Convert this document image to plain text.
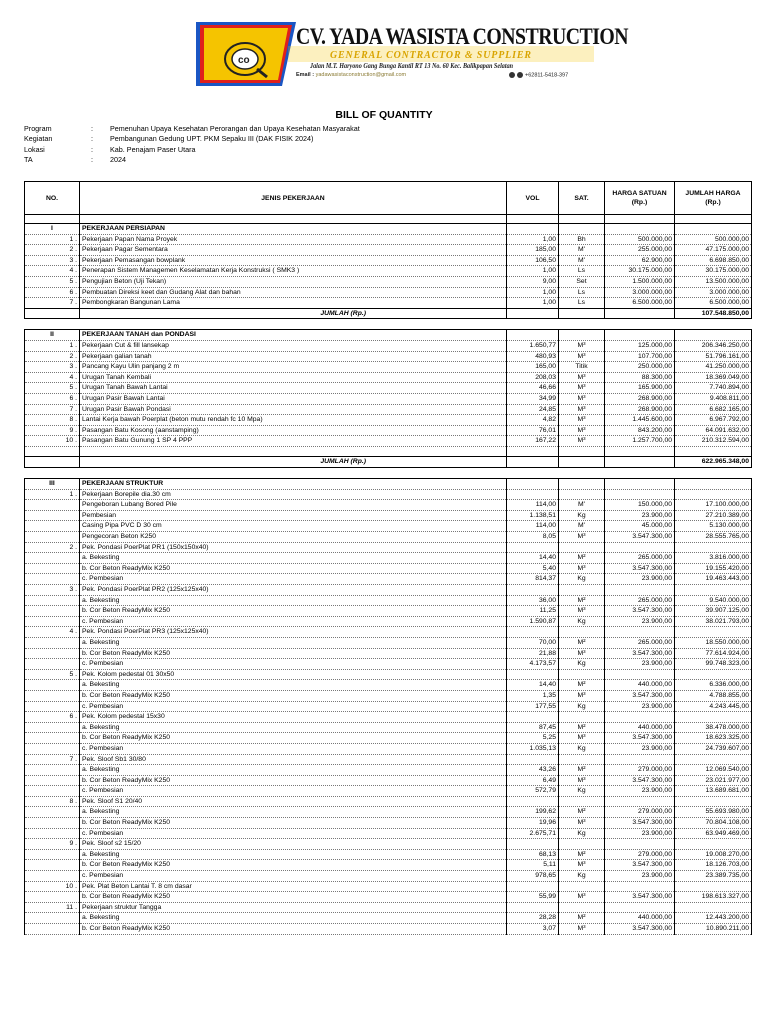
co
CV. YADA WASISTA CONSTRUCTION
GENERAL CONTRACTOR & SUPPLIER
Jalan M.T. Haryono Gang Bunga Kantil RT 13 No. 60 Kec. Balikpapan Selatan
Email : yadawasistaconstruction@gmail.com	+62811-5418-397
BILL OF QUANTITY
Program	: Pemenuhan Upaya Kesehatan Perorangan dan Upaya Kesehatan Masyarakat
Kegiatan	: Pembangunan Gedung UPT. PKM Sepaku III (DAK FISIK 2024)
Lokasi	: Kab. Penajam Paser Utara
TA	: 2024
NO.	JENIS PEKERJAAN	VOL	SAT.	HARGA SATUAN (Rp.)	JUMLAH HARGA (Rp.)

I	PEKERJAAN PERSIAPAN				
1 .	Pekerjaan Papan Nama Proyek	1,00	Bh	500.000,00	500.000,00
2 .	Pekerjaan Pagar Sementara	185,00	M'	255.000,00	47.175.000,00
3 .	Pekerjaan Pemasangan bowplank	106,50	M'	62.900,00	6.698.850,00
4 .	Penerapan Sistem Managemen Keselamatan Kerja Konstruksi ( SMK3 )	1,00	Ls	30.175.000,00	30.175.000,00
5 .	Pengujian Beton (Uji Tekan)	9,00	Set	1.500.000,00	13.500.000,00
6 .	Pembuatan Direksi keet dan Gudang Alat dan bahan	1,00	Ls	3.000.000,00	3.000.000,00
7 .	Pembongkaran Bangunan Lama	1,00	Ls	6.500.000,00	6.500.000,00
	JUMLAH (Rp.)				107.548.850,00

II	PEKERJAAN TANAH dan PONDASI				
1 .	Pekerjaan Cut & fill lansekap	1.650,77	M³	125.000,00	206.346.250,00
2 .	Pekerjaan galian tanah	480,93	M³	107.700,00	51.796.161,00
3 .	Pancang Kayu Ulin panjang 2 m	165,00	Titik	250.000,00	41.250.000,00
4 .	Urugan Tanah Kembali	208,03	M³	88.300,00	18.369.049,00
5 .	Urugan Tanah Bawah Lantai	46,66	M³	165.900,00	7.740.894,00
6 .	Urugan Pasir Bawah Lantai	34,99	M³	268.900,00	9.408.811,00
7 .	Urugan Pasir Bawah Pondasi	24,85	M³	268.900,00	6.682.165,00
8 .	Lantai Kerja bawah Poerplat (beton mutu rendah fc 10 Mpa)	4,82	M³	1.445.600,00	6.967.792,00
9 .	Pasangan Batu Kosong (aanstamping)	76,01	M³	843.200,00	64.091.632,00
10 .	Pasangan Batu Gunung 1 SP 4 PPP	167,22	M³	1.257.700,00	210.312.594,00

	JUMLAH (Rp.)				622.965.348,00

III	PEKERJAAN STRUKTUR				
1 .	Pekerjaan Borepile dia.30 cm				
	Pengeboran Lubang Bored Pile	114,00	M'	150.000,00	17.100.000,00
	Pembesian	1.138,51	Kg	23.900,00	27.210.389,00
	Casing Pipa PVC D 30 cm	114,00	M'	45.000,00	5.130.000,00
	Pengecoran Beton K250	8,05	M³	3.547.300,00	28.555.765,00
2 .	Pek. Pondasi PoerPlat PR1 (150x150x40)				
	a. Bekesting	14,40	M²	265.000,00	3.816.000,00
	b. Cor Beton ReadyMix K250	5,40	M³	3.547.300,00	19.155.420,00
	c. Pembesian	814,37	Kg	23.900,00	19.463.443,00
3 .	Pek. Pondasi PoerPlat PR2 (125x125x40)				
	a. Bekesting	36,00	M²	265.000,00	9.540.000,00
	b. Cor Beton ReadyMix K250	11,25	M³	3.547.300,00	39.907.125,00
	c. Pembesian	1.590,87	Kg	23.900,00	38.021.793,00
4 .	Pek. Pondasi PoerPlat PR3 (125x125x40)				
	a. Bekesting	70,00	M²	265.000,00	18.550.000,00
	b. Cor Beton ReadyMix K250	21,88	M³	3.547.300,00	77.614.924,00
	c. Pembesian	4.173,57	Kg	23.900,00	99.748.323,00
5 .	Pek. Kolom pedestal 01 30x50				
	a. Bekesting	14,40	M²	440.000,00	6.336.000,00
	b. Cor Beton ReadyMix K250	1,35	M³	3.547.300,00	4.788.855,00
	c. Pembesian	177,55	Kg	23.900,00	4.243.445,00
6 .	Pek. Kolom pedestal 15x30				
	a. Bekesting	87,45	M²	440.000,00	38.478.000,00
	b. Cor Beton ReadyMix K250	5,25	M³	3.547.300,00	18.623.325,00
	c. Pembesian	1.035,13	Kg	23.900,00	24.739.607,00
7 .	Pek. Sloof Sb1 30/80				
	a. Bekesting	43,26	M²	279.000,00	12.069.540,00
	b. Cor Beton ReadyMix K250	6,49	M³	3.547.300,00	23.021.977,00
	c. Pembesian	572,79	Kg	23.900,00	13.689.681,00
8 .	Pek. Sloof S1 20/40				
	a. Bekesting	199,62	M²	279.000,00	55.693.980,00
	b. Cor Beton ReadyMix K250	19,96	M³	3.547.300,00	70.804.108,00
	c. Pembesian	2.675,71	Kg	23.900,00	63.949.469,00
9 .	Pek. Sloof s2 15/20				
	a. Bekesting	68,13	M²	279.000,00	19.008.270,00
	b. Cor Beton ReadyMix K250	5,11	M³	3.547.300,00	18.126.703,00
	c. Pembesian	978,65	Kg	23.900,00	23.389.735,00
10 .	Pek. Plat Beton Lantai T. 8 cm dasar				
	b. Cor Beton ReadyMix K250	55,99	M³	3.547.300,00	198.613.327,00
11 .	Pekerjaan struktur Tangga				
	a. Bekesting	28,28	M²	440.000,00	12.443.200,00
	b. Cor Beton ReadyMix K250	3,07	M³	3.547.300,00	10.890.211,00
